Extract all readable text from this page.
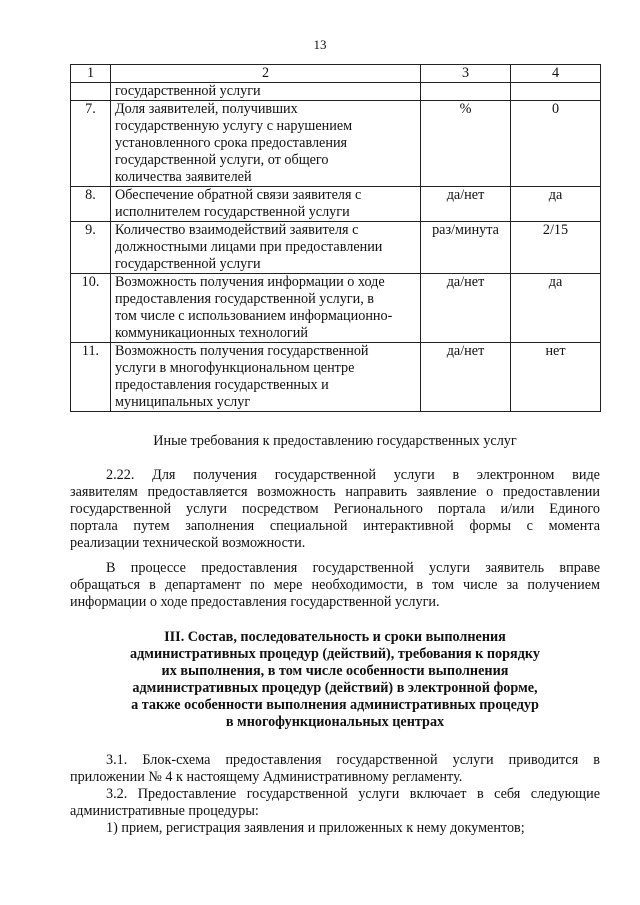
13
1	2	3	4

	государственной услуги		

7.	Доля заявителей, получивших
государственную услугу с нарушением
установленного срока предоставления
государственной услуги, от общего
количества заявителей	%	0
8.	Обеспечение обратной связи заявителя с
исполнителем государственной услуги	да/нет	да
9.	Количество взаимодействий заявителя с
должностными лицами при предоставлении
государственной услуги	раз/минута	2/15
10.	Возможность получения информации о ходе
предоставления государственной услуги, в
том числе с использованием информационно-
коммуникационных технологий	да/нет	да
11.	Возможность получения государственной
услуги в многофункциональном центре
предоставления государственных и
муниципальных услуг	да/нет	нет
Иные требования к предоставлению государственных услуг
2.22. Для получения государственной услуги в электронном виде
заявителям предоставляется возможность направить заявление о предоставлении
государственной услуги посредством Регионального портала и/или Единого
портала путем заполнения специальной интерактивной формы с момента
реализации технической возможности.
В процессе предоставления государственной услуги заявитель вправе
обращаться в департамент по мере необходимости, в том числе за получением
информации о ходе предоставления государственной услуги.
III. Состав, последовательность и сроки выполнения
административных процедур (действий), требования к порядку
их выполнения, в том числе особенности выполнения
административных процедур (действий) в электронной форме,
а также особенности выполнения административных процедур
в многофункциональных центрах
3.1. Блок-схема предоставления государственной услуги приводится в
приложении № 4 к настоящему Административному регламенту.
3.2. Предоставление государственной услуги включает в себя следующие
административные процедуры:
1) прием, регистрация заявления и приложенных к нему документов;
